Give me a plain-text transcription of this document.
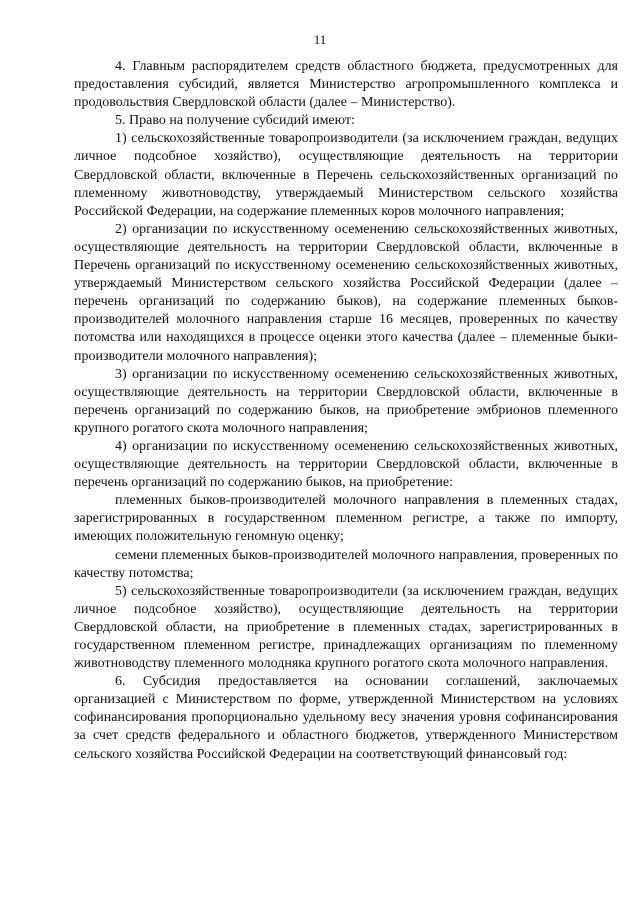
11

4. Главным распорядителем средств областного бюджета, предусмотренных для предоставления субсидий, является Министерство агропромышленного комплекса и продовольствия Свердловской области (далее – Министерство).

5. Право на получение субсидий имеют:

1) сельскохозяйственные товаропроизводители (за исключением граждан, ведущих личное подсобное хозяйство), осуществляющие деятельность на территории Свердловской области, включенные в Перечень сельскохозяйственных организаций по племенному животноводству, утверждаемый Министерством сельского хозяйства Российской Федерации, на содержание племенных коров молочного направления;

2) организации по искусственному осеменению сельскохозяйственных животных, осуществляющие деятельность на территории Свердловской области, включенные в Перечень организаций по искусственному осеменению сельскохозяйственных животных, утверждаемый Министерством сельского хозяйства Российской Федерации (далее – перечень организаций по содержанию быков), на содержание племенных быков-производителей молочного направления старше 16 месяцев, проверенных по качеству потомства или находящихся в процессе оценки этого качества (далее – племенные быки-производители молочного направления);

3) организации по искусственному осеменению сельскохозяйственных животных, осуществляющие деятельность на территории Свердловской области, включенные в перечень организаций по содержанию быков, на приобретение эмбрионов племенного крупного рогатого скота молочного направления;

4) организации по искусственному осеменению сельскохозяйственных животных, осуществляющие деятельность на территории Свердловской области, включенные в перечень организаций по содержанию быков, на приобретение:

племенных быков-производителей молочного направления в племенных стадах, зарегистрированных в государственном племенном регистре, а также по импорту, имеющих положительную геномную оценку;

семени племенных быков-производителей молочного направления, проверенных по качеству потомства;

5) сельскохозяйственные товаропроизводители (за исключением граждан, ведущих личное подсобное хозяйство), осуществляющие деятельность на территории Свердловской области, на приобретение в племенных стадах, зарегистрированных в государственном племенном регистре, принадлежащих организациям по племенному животноводству племенного молодняка крупного рогатого скота молочного направления.

6. Субсидия предоставляется на основании соглашений, заключаемых организацией с Министерством по форме, утвержденной Министерством на условиях софинансирования пропорционально удельному весу значения уровня софинансирования за счет средств федерального и областного бюджетов, утвержденного Министерством сельского хозяйства Российской Федерации на соответствующий финансовый год:
